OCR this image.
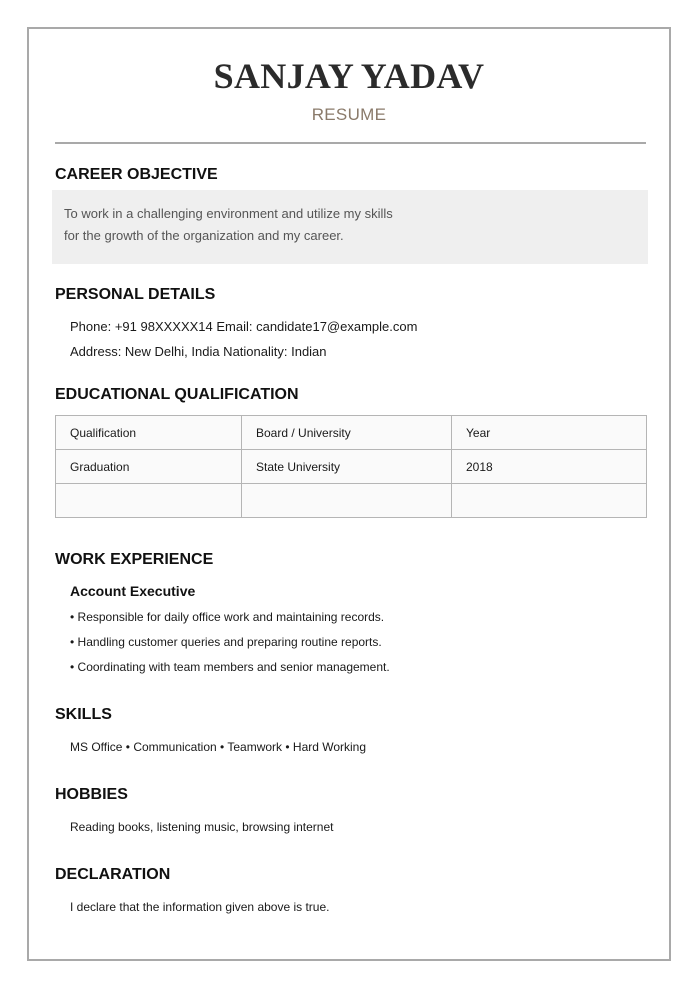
SANJAY YADAV
RESUME
CAREER OBJECTIVE
To work in a challenging environment and utilize my skills
for the growth of the organization and my career.
PERSONAL DETAILS
Phone: +91 98XXXXX14 Email: candidate17@example.com
Address: New Delhi, India Nationality: Indian
EDUCATIONAL QUALIFICATION
Qualification	Board / University	Year
Graduation	State University	2018

WORK EXPERIENCE
Account Executive
• Responsible for daily office work and maintaining records.
• Handling customer queries and preparing routine reports.
• Coordinating with team members and senior management.
SKILLS
MS Office • Communication • Teamwork • Hard Working
HOBBIES
Reading books, listening music, browsing internet
DECLARATION
I declare that the information given above is true.
